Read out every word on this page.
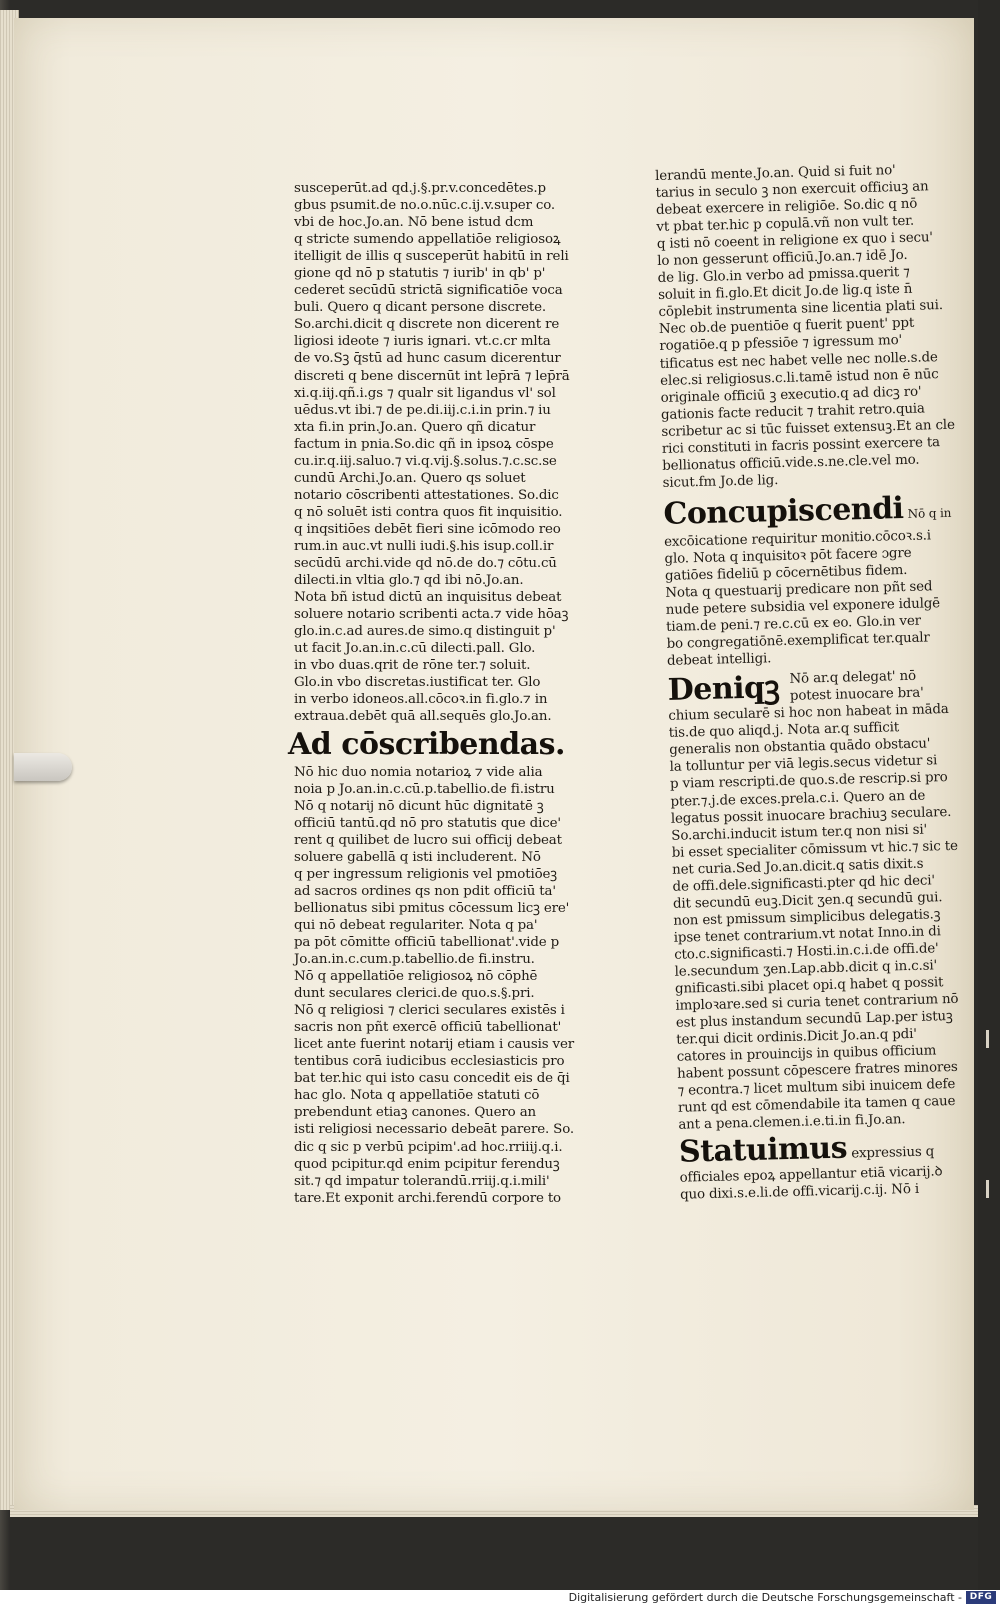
susceperūt.ad qd.j.§.pr.v.concedētes.p
gbus psumit.de no.o.nūc.c.ij.v.super co.
vbi de hoc.Jo.an. Nō bene istud dcm
q stricte sumendo appellatiōe religiosoꝝ
itelligit de illis q susceperūt habitū in reli
gione qd nō p statutis ⁊ iurib' in qb' p'
cederet secūdū strictā significatiōe voca
buli. Quero q dicant persone discrete.
So.archi.dicit q discrete non dicerent re
ligiosi ideote ⁊ iuris ignari. vt.c.cr mlta
de vo.Sꝫ q̄stū ad hunc casum dicerentur
discreti q bene discernūt int lep̄rā ⁊ lep̄rā
xi.q.iij.qñ.i.gs ⁊ qualr sit ligandus vl' sol
uēdus.vt ibi.⁊ de pe.di.iij.c.i.in prin.⁊ iu
xta fi.in prin.Jo.an. Quero qñ dicatur
factum in pnia.So.dic qñ in ipsoꝝ cōspe
cu.ir.q.iij.saluo.⁊ vi.q.vij.§.solus.⁊.c.sc.se
cundū Archi.Jo.an. Quero qs soluet
notario cōscribenti attestationes. So.dic
q nō soluēt isti contra quos fit inquisitio.
q inqsitiōes debēt fieri sine icōmodo reo
rum.in auc.vt nulli iudi.§.his isup.coll.ir
secūdū archi.vide qd nō.de do.⁊ cōtu.cū
dilecti.in vltia glo.⁊ qd ibi nō.Jo.an.
Nota bñ istud dictū an inquisitus debeat
soluere notario scribenti acta.⁊ vide hōaꝫ
glo.in.c.ad aures.de simo.q distinguit p'
ut facit Jo.an.in.c.cū dilecti.pall. Glo.
in vbo duas.qrit de rōne ter.⁊ soluit.
Glo.in vbo discretas.iustificat ter. Glo
in verbo idoneos.all.cōcoꝛ.in fi.glo.⁊ in
extraua.debēt quā all.sequēs glo.Jo.an.
Ad cōscribendas.
Nō hic duo nomia notarioꝝ ⁊ vide alia
noia p Jo.an.in.c.cū.p.tabellio.de fi.istru
Nō q notarij nō dicunt hūc dignitatē ꝫ
officiū tantū.qd nō pro statutis que dice'
rent q quilibet de lucro sui officij debeat
soluere gabellā q isti includerent. Nō
q per ingressum religionis vel pmotiōeꝫ
ad sacros ordines qs non pdit officiū ta'
bellionatus sibi pmitus cōcessum licꝫ ere'
qui nō debeat regulariter. Nota q pa'
pa pōt cōmitte officiū tabellionat'.vide p
Jo.an.in.c.cum.p.tabellio.de fi.instru.
Nō q appellatiōe religiosoꝝ nō cōphē
dunt seculares clerici.de quo.s.§.pri.
Nō q religiosi ⁊ clerici seculares existēs i
sacris non pñt exercē officiū tabellionat'
licet ante fuerint notarij etiam i causis ver
tentibus corā iudicibus ecclesiasticis pro
bat ter.hic qui isto casu concedit eis de q̄i
hac glo. Nota q appellatiōe statuti cō
prebendunt etiaꝫ canones. Quero an
isti religiosi necessario debeāt parere. So.
dic q sic p verbū pcipim'.ad hoc.rriiij.q.i.
quod pcipitur.qd enim pcipitur ferenduꝫ
sit.⁊ qd impatur tolerandū.rriij.q.i.mili'
tare.Et exponit archi.ferendū corpore to
lerandū mente.Jo.an. Quid si fuit no'
tarius in seculo ꝫ non exercuit officiuꝫ an
debeat exercere in religiōe. So.dic q nō
vt pbat ter.hic p copulā.vñ non vult ter.
q isti nō coeent in religione ex quo i secu'
lo non gesserunt officiū.Jo.an.⁊ idē Jo.
de lig. Glo.in verbo ad pmissa.querit ⁊
soluit in fi.glo.Et dicit Jo.de lig.q iste n̄
cōplebit instrumenta sine licentia plati sui.
Nec ob.de puentiōe q fuerit puent' ppt
rogatiōe.q p pfessiōe ⁊ igressum mo'
tificatus est nec habet velle nec nolle.s.de
elec.si religiosus.c.li.tamē istud non ē nūc
originale officiū ꝫ executio.q ad dicꝫ ro'
gationis facte reducit ⁊ trahit retro.quia
scribetur ac si tūc fuisset extensuꝫ.Et an cle
rici constituti in facris possint exercere ta
bellionatus officiū.vide.s.ne.cle.vel mo.
sicut.fm Jo.de lig.
Concupiscendi Nō q in
excōicatione requiritur monitio.cōcoꝛ.s.i
glo. Nota q inquisitoꝛ pōt facere ɔgre
gatiōes fideliū p cōcernētibus fidem.
Nota q questuarij predicare non pñt sed
nude petere subsidia vel exponere idulgē
tiam.de peni.⁊ re.c.cū ex eo. Glo.in ver
bo congregatiōnē.exemplificat ter.qualr
debeat intelligi.
Deniqꝫ Nō ar.q delegat' nō
potest inuocare bra'
chium secularē si hoc non habeat in māda
tis.de quo aliqd.j. Nota ar.q sufficit
generalis non obstantia quādo obstacu'
la tolluntur per viā legis.secus videtur si
p viam rescripti.de quo.s.de rescrip.si pro
pter.⁊.j.de exces.prela.c.i. Quero an de
legatus possit inuocare brachiuꝫ seculare.
So.archi.inducit istum ter.q non nisi si'
bi esset specialiter cōmissum vt hic.⁊ sic te
net curia.Sed Jo.an.dicit.q satis dixit.s
de offi.dele.significasti.pter qd hic deci'
dit secundū euꝫ.Dicit ʒen.q secundū gui.
non est pmissum simplicibus delegatis.ꝫ
ipse tenet contrarium.vt notat Inno.in di
cto.c.significasti.⁊ Hosti.in.c.i.de offi.de'
le.secundum ʒen.Lap.abb.dicit q in.c.si'
gnificasti.sibi placet opi.q habet q possit
imploꝛare.sed si curia tenet contrarium nō
est plus instandum secundū Lap.per istuꝫ
ter.qui dicit ordinis.Dicit Jo.an.q pdi'
catores in prouincijs in quibus officium
habent possunt cōpescere fratres minores
⁊ econtra.⁊ licet multum sibi inuicem defe
runt qd est cōmendabile ita tamen q caue
ant a pena.clemen.i.e.ti.in fi.Jo.an.
Statuimus expressius q
officiales epoꝝ appellantur etiā vicarij.ꝺ
quo dixi.s.e.li.de offi.vicarij.c.ij. Nō i
Digitalisierung gefördert durch die Deutsche Forschungsgemeinschaft - DFG
